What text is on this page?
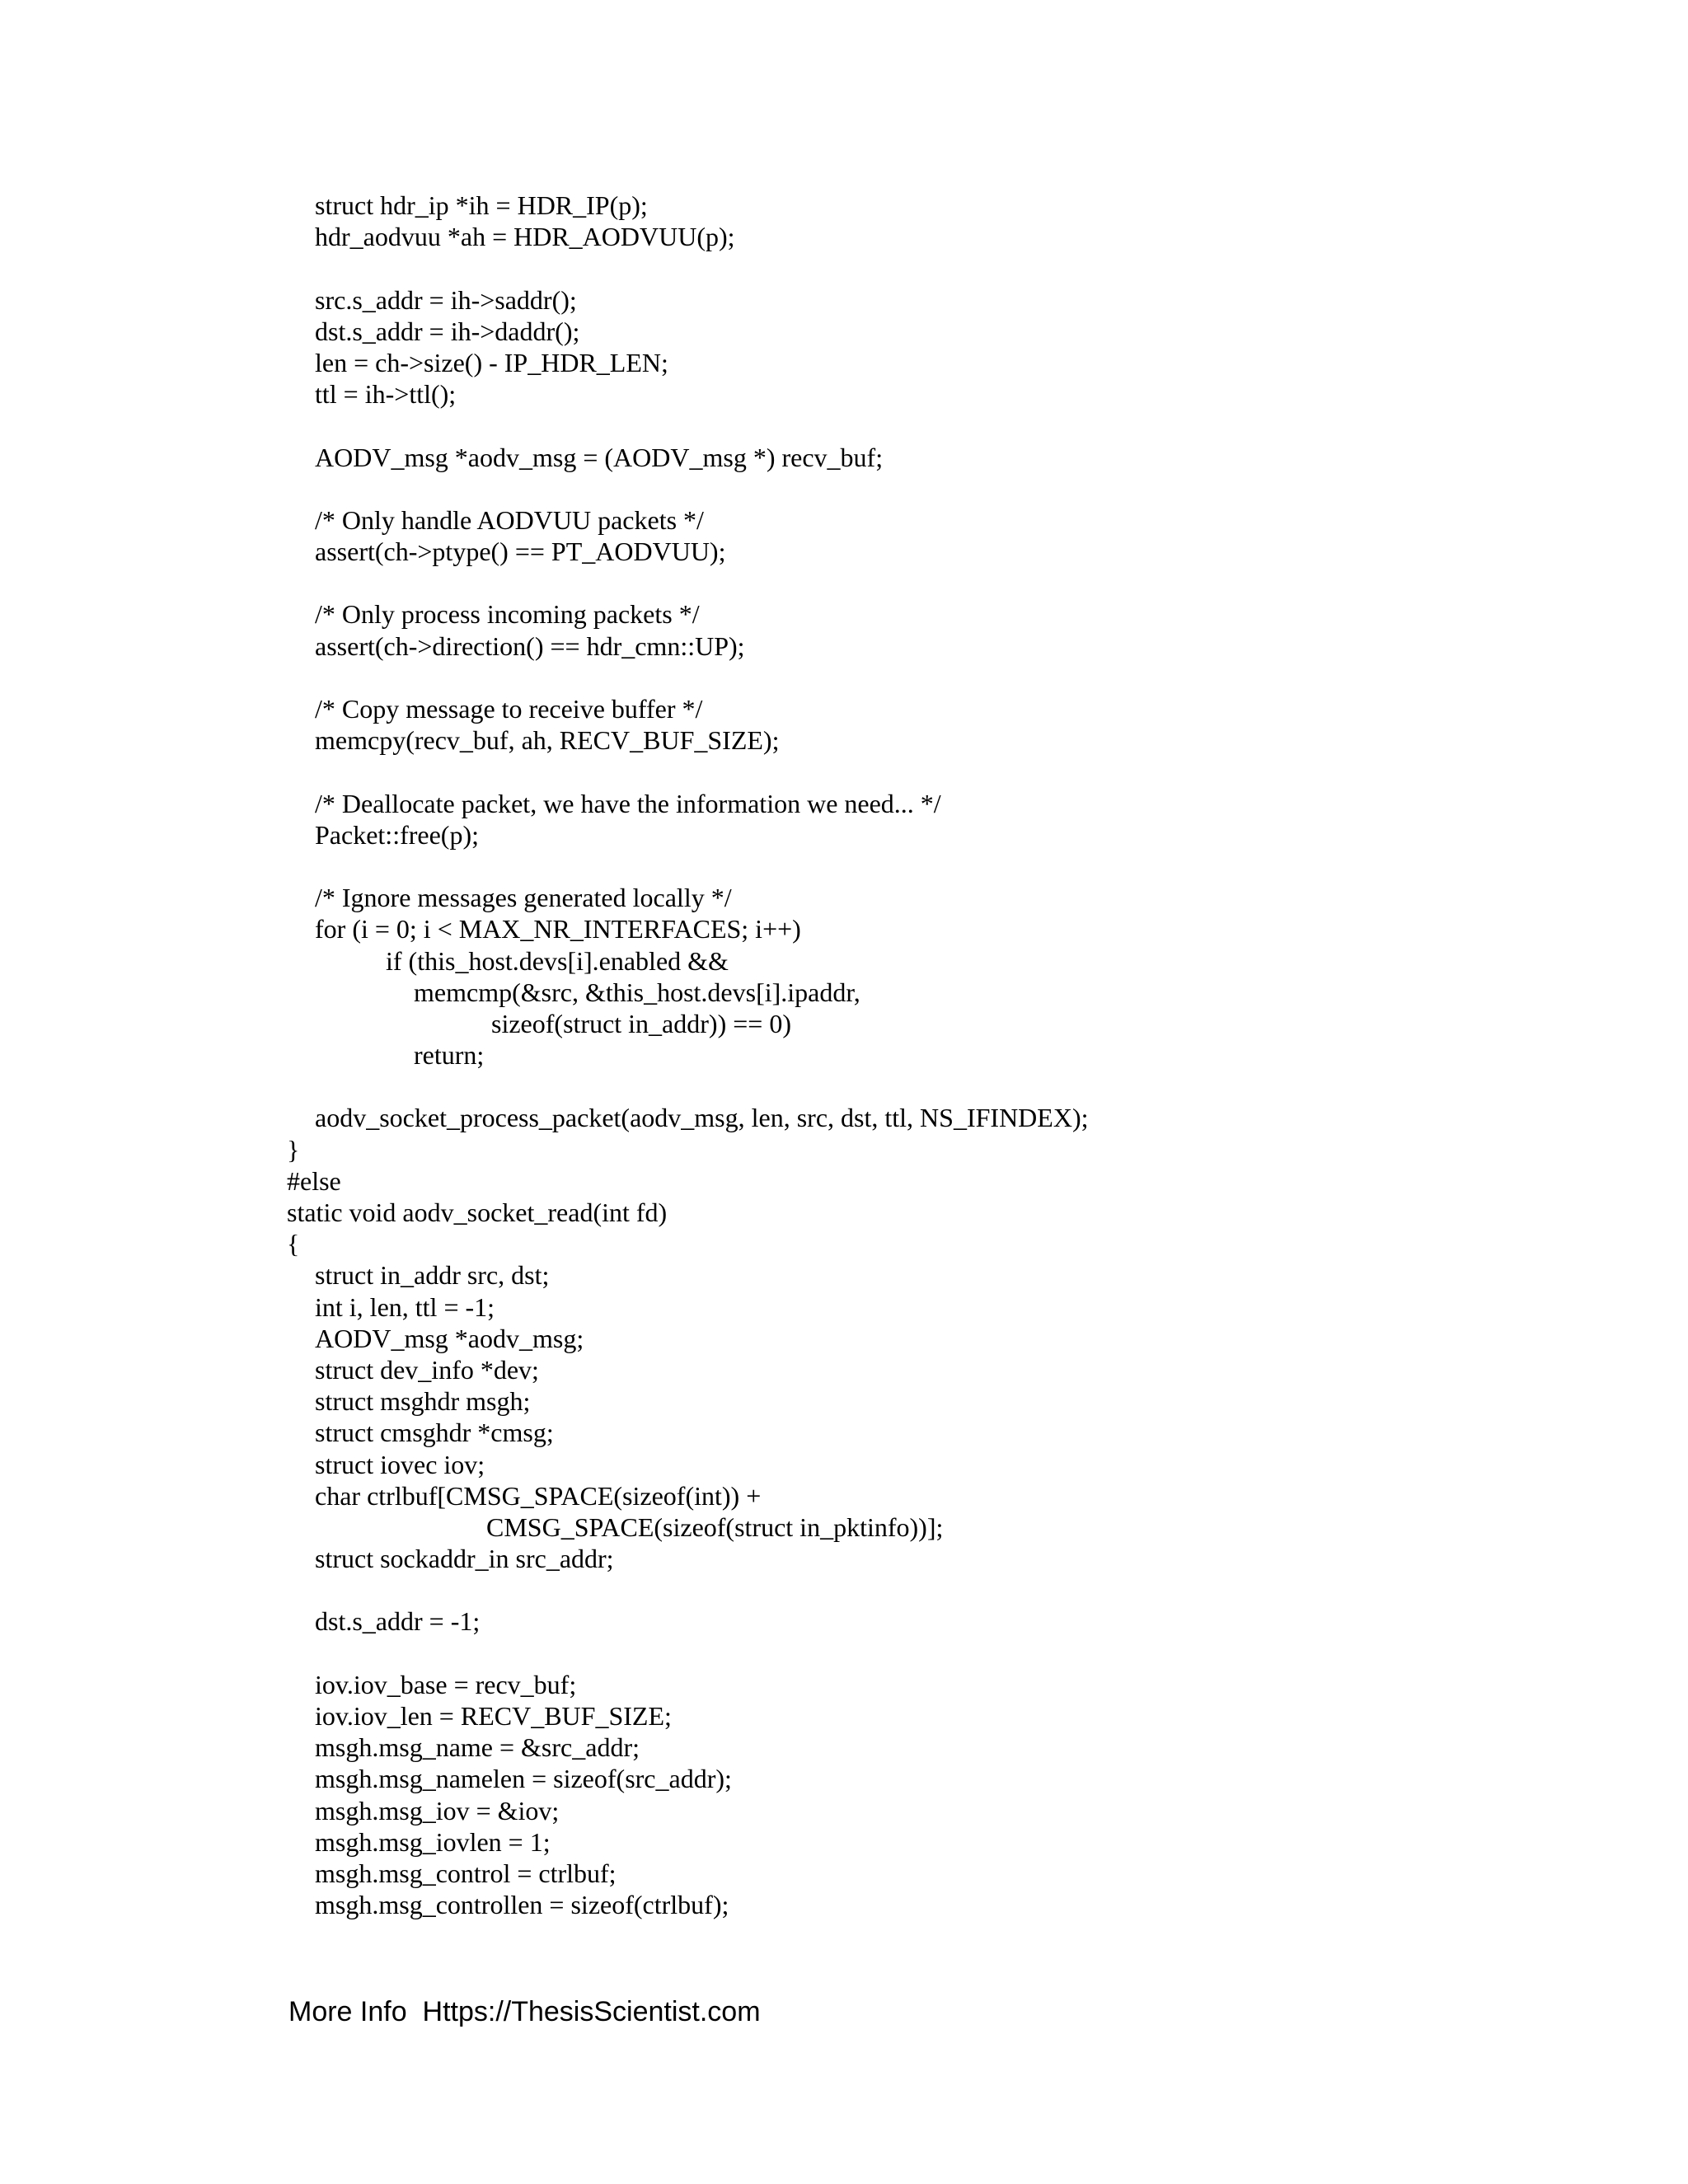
struct hdr_ip *ih = HDR_IP(p);
hdr_aodvuu *ah = HDR_AODVUU(p);
src.s_addr = ih->saddr();
dst.s_addr = ih->daddr();
len = ch->size() - IP_HDR_LEN;
ttl = ih->ttl();
AODV_msg *aodv_msg = (AODV_msg *) recv_buf;
/* Only handle AODVUU packets */
assert(ch->ptype() == PT_AODVUU);
/* Only process incoming packets */
assert(ch->direction() == hdr_cmn::UP);
/* Copy message to receive buffer */
memcpy(recv_buf, ah, RECV_BUF_SIZE);
/* Deallocate packet, we have the information we need... */
Packet::free(p);
/* Ignore messages generated locally */
for (i = 0; i < MAX_NR_INTERFACES; i++)
if (this_host.devs[i].enabled &&
memcmp(&src, &this_host.devs[i].ipaddr,
sizeof(struct in_addr)) == 0)
return;
aodv_socket_process_packet(aodv_msg, len, src, dst, ttl, NS_IFINDEX);
}
#else
static void aodv_socket_read(int fd)
{
struct in_addr src, dst;
int i, len, ttl = -1;
AODV_msg *aodv_msg;
struct dev_info *dev;
struct msghdr msgh;
struct cmsghdr *cmsg;
struct iovec iov;
char ctrlbuf[CMSG_SPACE(sizeof(int)) +
CMSG_SPACE(sizeof(struct in_pktinfo))];
struct sockaddr_in src_addr;
dst.s_addr = -1;
iov.iov_base = recv_buf;
iov.iov_len = RECV_BUF_SIZE;
msgh.msg_name = &src_addr;
msgh.msg_namelen = sizeof(src_addr);
msgh.msg_iov = &iov;
msgh.msg_iovlen = 1;
msgh.msg_control = ctrlbuf;
msgh.msg_controllen = sizeof(ctrlbuf);
More Info  Https://ThesisScientist.com
